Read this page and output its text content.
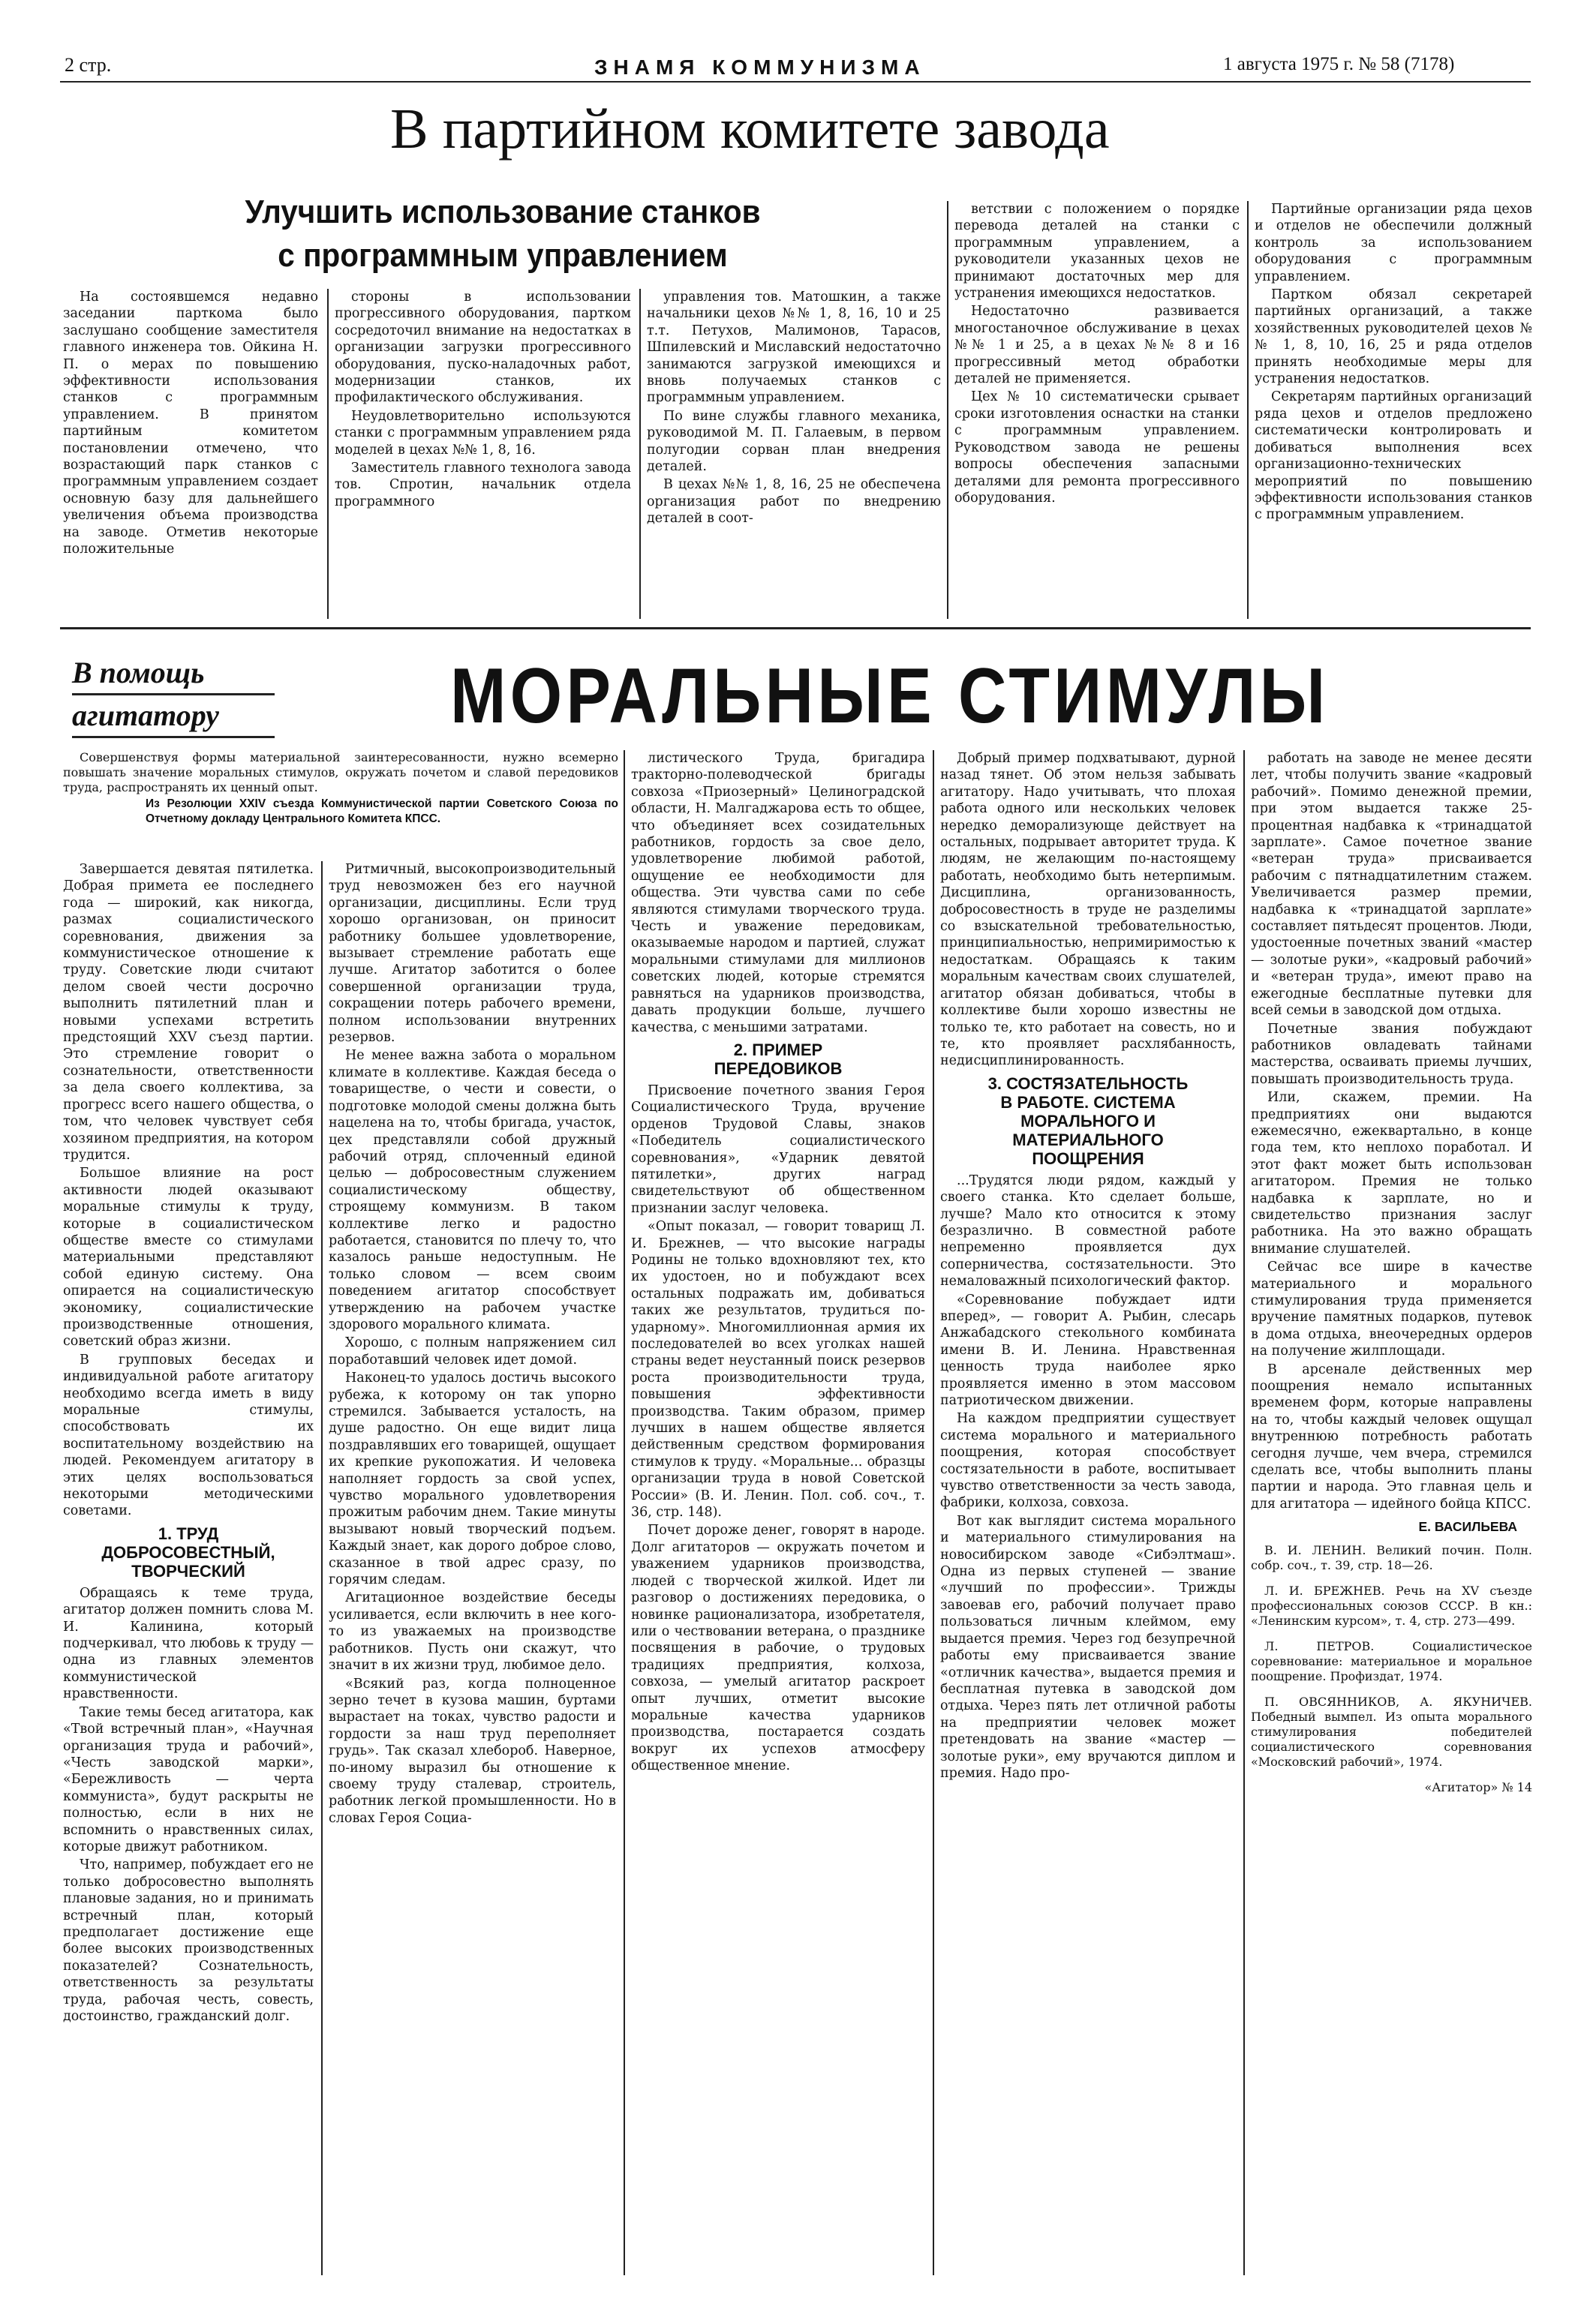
2 стр.	ЗНАМЯ КОММУНИЗМА	1 августа 1975 г. № 58 (7178)
В партийном комитете завода
Улучшить использование станков
с программным управлением

На состоявшемся недавно заседании парткома было заслушано сообщение заместителя главного инженера тов. Ойкина Н. П. о мерах по повышению эффективности использования станков с программным управлением. В принятом партийным комитетом постановлении отмечено, что возрастающий парк станков с программным управлением создает основную базу для дальнейшего увеличения объема производства на заводе. Отметив некоторые положительные

стороны в использовании прогрессивного оборудования, партком сосредоточил внимание на недостатках в организации загрузки прогрессивного оборудования, пуско-наладочных работ, модернизации станков, их профилактического обслуживания.

Неудовлетворительно используются станки с программным управлением ряда моделей в цехах №№ 1, 8, 16.

Заместитель главного технолога завода тов. Спротин, начальник отдела программного

управления тов. Матошкин, а также начальники цехов №№ 1, 8, 16, 10 и 25 т.т. Петухов, Малимонов, Тарасов, Шпилевский и Миславский недостаточно занимаются загрузкой имеющихся и вновь получаемых станков с программным управлением.

По вине службы главного механика, руководимой М. П. Галаевым, в первом полугодии сорван план внедрения деталей.

В цехах №№ 1, 8, 16, 25 не обеспечена организация работ по внедрению деталей в соот-

ветствии с положением о порядке перевода деталей на станки с программным управлением, а руководители указанных цехов не принимают достаточных мер для устранения имеющихся недостатков.

Недостаточно развивается многостаночное обслуживание в цехах №№ 1 и 25, а в цехах №№ 8 и 16 прогрессивный метод обработки деталей не применяется.

Цех № 10 систематически срывает сроки изготовления оснастки на станки с программным управлением. Руководством завода не решены вопросы обеспечения запасными деталями для ремонта прогрессивного оборудования.

Партийные организации ряда цехов и отделов не обеспечили должный контроль за использованием оборудования с программным управлением.

Партком обязал секретарей партийных организаций, а также хозяйственных руководителей цехов №№ 1, 8, 10, 16, 25 и ряда отделов принять необходимые меры для устранения недостатков.

Секретарям партийных организаций ряда цехов и отделов предложено систематически контролировать и добиваться выполнения всех организационно-технических мероприятий по повышению эффективности использования станков с программным управлением.

В помощь
агитатору	МОРАЛЬНЫЕ СТИМУЛЫ
Совершенствуя формы материальной заинтересованности, нужно всемерно повышать значение моральных стимулов, окружать почетом и славой передовиков труда, распространять их ценный опыт.
Из Резолюции XXIV съезда Коммунистической партии Советского Союза по Отчетному докладу Центрального Комитета КПСС.

Завершается девятая пятилетка. Добрая примета ее последнего года — широкий, как никогда, размах социалистического соревнования, движения за коммунистическое отношение к труду. Советские люди считают делом своей чести досрочно выполнить пятилетний план и новыми успехами встретить предстоящий XXV съезд партии. Это стремление говорит о сознательности, ответственности за дела своего коллектива, за прогресс всего нашего общества, о том, что человек чувствует себя хозяином предприятия, на котором трудится.

Большое влияние на рост активности людей оказывают моральные стимулы к труду, которые в социалистическом обществе вместе со стимулами материальными представляют собой единую систему. Она опирается на социалистическую экономику, социалистические производственные отношения, советский образ жизни.

В групповых беседах и индивидуальной работе агитатору необходимо всегда иметь в виду моральные стимулы, способствовать их воспитательному воздействию на людей. Рекомендуем агитатору в этих целях воспользоваться некоторыми методическими советами.

1. ТРУД
ДОБРОСОВЕСТНЫЙ,
ТВОРЧЕСКИЙ

Обращаясь к теме труда, агитатор должен помнить слова М. И. Калинина, который подчеркивал, что любовь к труду — одна из главных элементов коммунистической нравственности.

Такие темы бесед агитатора, как «Твой встречный план», «Научная организация труда и рабочий», «Честь заводской марки», «Бережливость — черта коммуниста», будут раскрыты не полностью, если в них не вспомнить о нравственных силах, которые движут работником.

Что, например, побуждает его не только добросовестно выполнять плановые задания, но и принимать встречный план, который предполагает достижение еще более высоких производственных показателей? Сознательность, ответственность за результаты труда, рабочая честь, совесть, достоинство, гражданский долг.

Ритмичный, высокопроизводительный труд невозможен без его научной организации, дисциплины. Если труд хорошо организован, он приносит работнику большее удовлетворение, вызывает стремление работать еще лучше. Агитатор заботится о более совершенной организации труда, сокращении потерь рабочего времени, полном использовании внутренних резервов.

Не менее важна забота о моральном климате в коллективе. Каждая беседа о товариществе, о чести и совести, о подготовке молодой смены должна быть нацелена на то, чтобы бригада, участок, цех представляли собой дружный рабочий отряд, сплоченный единой целью — добросовестным служением социалистическому обществу, строящему коммунизм. В таком коллективе легко и радостно работается, становится по плечу то, что казалось раньше недоступным. Не только словом — всем своим поведением агитатор способствует утверждению на рабочем участке здорового морального климата.

Хорошо, с полным напряжением сил поработавший человек идет домой.

Наконец-то удалось достичь высокого рубежа, к которому он так упорно стремился. Забывается усталость, на душе радостно. Он еще видит лица поздравлявших его товарищей, ощущает их крепкие рукопожатия. И человека наполняет гордость за свой успех, чувство морального удовлетворения прожитым рабочим днем. Такие минуты вызывают новый творческий подъем. Каждый знает, как дорого доброе слово, сказанное в твой адрес сразу, по горячим следам.

Агитационное воздействие беседы усиливается, если включить в нее кого-то из уважаемых на производстве работников. Пусть они скажут, что значит в их жизни труд, любимое дело.

«Всякий раз, когда полноценное зерно течет в кузова машин, буртами вырастает на токах, чувство радости и гордости за наш труд переполняет грудь». Так сказал хлебороб. Наверное, по-иному выразил бы отношение к своему труду сталевар, строитель, работник легкой промышленности. Но в словах Героя Социа-

листического Труда, бригадира тракторно-полеводческой бригады совхоза «Приозерный» Целиноградской области, Н. Малгаджарова есть то общее, что объединяет всех созидательных работников, гордость за свое дело, удовлетворение любимой работой, ощущение ее необходимости для общества. Эти чувства сами по себе являются стимулами творческого труда. Честь и уважение передовикам, оказываемые народом и партией, служат моральными стимулами для миллионов советских людей, которые стремятся равняться на ударников производства, давать продукции больше, лучшего качества, с меньшими затратами.

2. ПРИМЕР
ПЕРЕДОВИКОВ

Присвоение почетного звания Героя Социалистического Труда, вручение орденов Трудовой Славы, знаков «Победитель социалистического соревнования», «Ударник девятой пятилетки», других наград свидетельствуют об общественном признании заслуг человека.

«Опыт показал, — говорит товарищ Л. И. Брежнев, — что высокие награды Родины не только вдохновляют тех, кто их удостоен, но и побуждают всех остальных подражать им, добиваться таких же результатов, трудиться по-ударному». Многомиллионная армия их последователей во всех уголках нашей страны ведет неустанный поиск резервов роста производительности труда, повышения эффективности производства. Таким образом, пример лучших в нашем обществе является действенным средством формирования стимулов к труду. «Моральные... образцы организации труда в новой Советской России» (В. И. Ленин. Пол. соб. соч., т. 36, стр. 148).

Почет дороже денег, говорят в народе. Долг агитаторов — окружать почетом и уважением ударников производства, людей с творческой жилкой. Идет ли разговор о достижениях передовика, о новинке рационализатора, изобретателя, или о чествовании ветерана, о празднике посвящения в рабочие, о трудовых традициях предприятия, колхоза, совхоза, — умелый агитатор раскроет опыт лучших, отметит высокие моральные качества ударников производства, постарается создать вокруг их успехов атмосферу общественное мнение.

Добрый пример подхватывают, дурной назад тянет. Об этом нельзя забывать агитатору. Надо учитывать, что плохая работа одного или нескольких человек нередко деморализующе действует на остальных, подрывает авторитет труда. К людям, не желающим по-настоящему работать, необходимо быть нетерпимым. Дисциплина, организованность, добросовестность в труде не разделимы со взыскательной требовательностью, принципиальностью, непримиримостью к недостаткам. Обращаясь к таким моральным качествам своих слушателей, агитатор обязан добиваться, чтобы в коллективе были хорошо известны не только те, кто работает на совесть, но и те, кто проявляет расхлябанность, недисциплинированность.

3. СОСТЯЗАТЕЛЬНОСТЬ
В РАБОТЕ. СИСТЕМА
МОРАЛЬНОГО И
МАТЕРИАЛЬНОГО
ПООЩРЕНИЯ

...Трудятся люди рядом, каждый у своего станка. Кто сделает больше, лучше? Мало кто относится к этому безразлично. В совместной работе непременно проявляется дух соперничества, состязательности. Это немаловажный психологический фактор.

«Соревнование побуждает идти вперед», — говорит А. Рыбин, слесарь Анжабадского стекольного комбината имени В. И. Ленина. Нравственная ценность труда наиболее ярко проявляется именно в этом массовом патриотическом движении.

На каждом предприятии существует система морального и материального поощрения, которая способствует состязательности в работе, воспитывает чувство ответственности за честь завода, фабрики, колхоза, совхоза.

Вот как выглядит система морального и материального стимулирования на новосибирском заводе «Сибэлтмаш». Одна из первых ступеней — звание «лучший по профессии». Трижды завоевав его, рабочий получает право пользоваться личным клеймом, ему выдается премия. Через год безупречной работы ему присваивается звание «отличник качества», выдается премия и бесплатная путевка в заводской дом отдыха. Через пять лет отличной работы на предприятии человек может претендовать на звание «мастер — золотые руки», ему вручаются диплом и премия. Надо про-

работать на заводе не менее десяти лет, чтобы получить звание «кадровый рабочий». Помимо денежной премии, при этом выдается также 25-процентная надбавка к «тринадцатой зарплате». Самое почетное звание «ветеран труда» присваивается рабочим с пятнадцатилетним стажем. Увеличивается размер премии, надбавка к «тринадцатой зарплате» составляет пятьдесят процентов. Люди, удостоенные почетных званий «мастер — золотые руки», «кадровый рабочий» и «ветеран труда», имеют право на ежегодные бесплатные путевки для всей семьи в заводской дом отдыха.

Почетные звания побуждают работников овладевать тайнами мастерства, осваивать приемы лучших, повышать производительность труда.

Или, скажем, премии. На предприятиях они выдаются ежемесячно, ежеквартально, в конце года тем, кто неплохо поработал. И этот факт может быть использован агитатором. Премия не только надбавка к зарплате, но и свидетельство признания заслуг работника. На это важно обращать внимание слушателей.

Сейчас все шире в качестве материального и морального стимулирования труда применяется вручение памятных подарков, путевок в дома отдыха, внеочередных ордеров на получение жилплощади.

В арсенале действенных мер поощрения немало испытанных временем форм, которые направлены на то, чтобы каждый человек ощущал внутреннюю потребность работать сегодня лучше, чем вчера, стремился сделать все, чтобы выполнить планы партии и народа. Это главная цель и для агитатора — идейного бойца КПСС.

Е. ВАСИЛЬЕВА

В. И. ЛЕНИН. Великий почин. Полн. собр. соч., т. 39, стр. 18—26.

Л. И. БРЕЖНЕВ. Речь на XV съезде профессиональных союзов СССР. В кн.: «Ленинским курсом», т. 4, стр. 273—499.

Л. ПЕТРОВ. Социалистическое соревнование: материальное и моральное поощрение. Профиздат, 1974.

П. ОВСЯННИКОВ, А. ЯКУНИЧЕВ. Победный вымпел. Из опыта морального стимулирования победителей социалистического соревнования «Московский рабочий», 1974.

«Агитатор» № 14
